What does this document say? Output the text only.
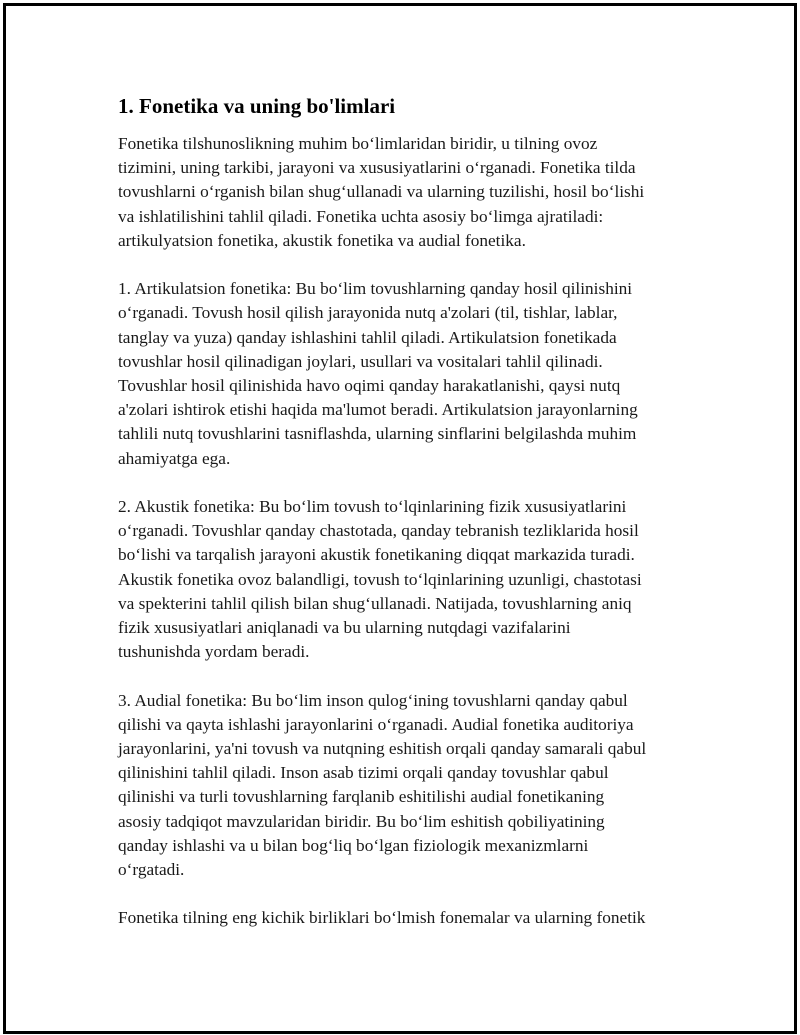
1. Fonetika va uning bo'limlari
Fonetika tilshunoslikning muhim bo‘limlaridan biridir, u tilning ovoz
tizimini, uning tarkibi, jarayoni va xususiyatlarini o‘rganadi. Fonetika tilda
tovushlarni o‘rganish bilan shug‘ullanadi va ularning tuzilishi, hosil bo‘lishi
va ishlatilishini tahlil qiladi. Fonetika uchta asosiy bo‘limga ajratiladi:
artikulyatsion fonetika, akustik fonetika va audial fonetika.
1. Artikulatsion fonetika: Bu bo‘lim tovushlarning qanday hosil qilinishini
o‘rganadi. Tovush hosil qilish jarayonida nutq a'zolari (til, tishlar, lablar,
tanglay va yuza) qanday ishlashini tahlil qiladi. Artikulatsion fonetikada
tovushlar hosil qilinadigan joylari, usullari va vositalari tahlil qilinadi.
Tovushlar hosil qilinishida havo oqimi qanday harakatlanishi, qaysi nutq
a'zolari ishtirok etishi haqida ma'lumot beradi. Artikulatsion jarayonlarning
tahlili nutq tovushlarini tasniflashda, ularning sinflarini belgilashda muhim
ahamiyatga ega.
2. Akustik fonetika: Bu bo‘lim tovush to‘lqinlarining fizik xususiyatlarini
o‘rganadi. Tovushlar qanday chastotada, qanday tebranish tezliklarida hosil
bo‘lishi va tarqalish jarayoni akustik fonetikaning diqqat markazida turadi.
Akustik fonetika ovoz balandligi, tovush to‘lqinlarining uzunligi, chastotasi
va spekterini tahlil qilish bilan shug‘ullanadi. Natijada, tovushlarning aniq
fizik xususiyatlari aniqlanadi va bu ularning nutqdagi vazifalarini
tushunishda yordam beradi.
3. Audial fonetika: Bu bo‘lim inson qulog‘ining tovushlarni qanday qabul
qilishi va qayta ishlashi jarayonlarini o‘rganadi. Audial fonetika auditoriya
jarayonlarini, ya'ni tovush va nutqning eshitish orqali qanday samarali qabul
qilinishini tahlil qiladi. Inson asab tizimi orqali qanday tovushlar qabul
qilinishi va turli tovushlarning farqlanib eshitilishi audial fonetikaning
asosiy tadqiqot mavzularidan biridir. Bu bo‘lim eshitish qobiliyatining
qanday ishlashi va u bilan bog‘liq bo‘lgan fiziologik mexanizmlarni
o‘rgatadi.
Fonetika tilning eng kichik birliklari bo‘lmish fonemalar va ularning fonetik
